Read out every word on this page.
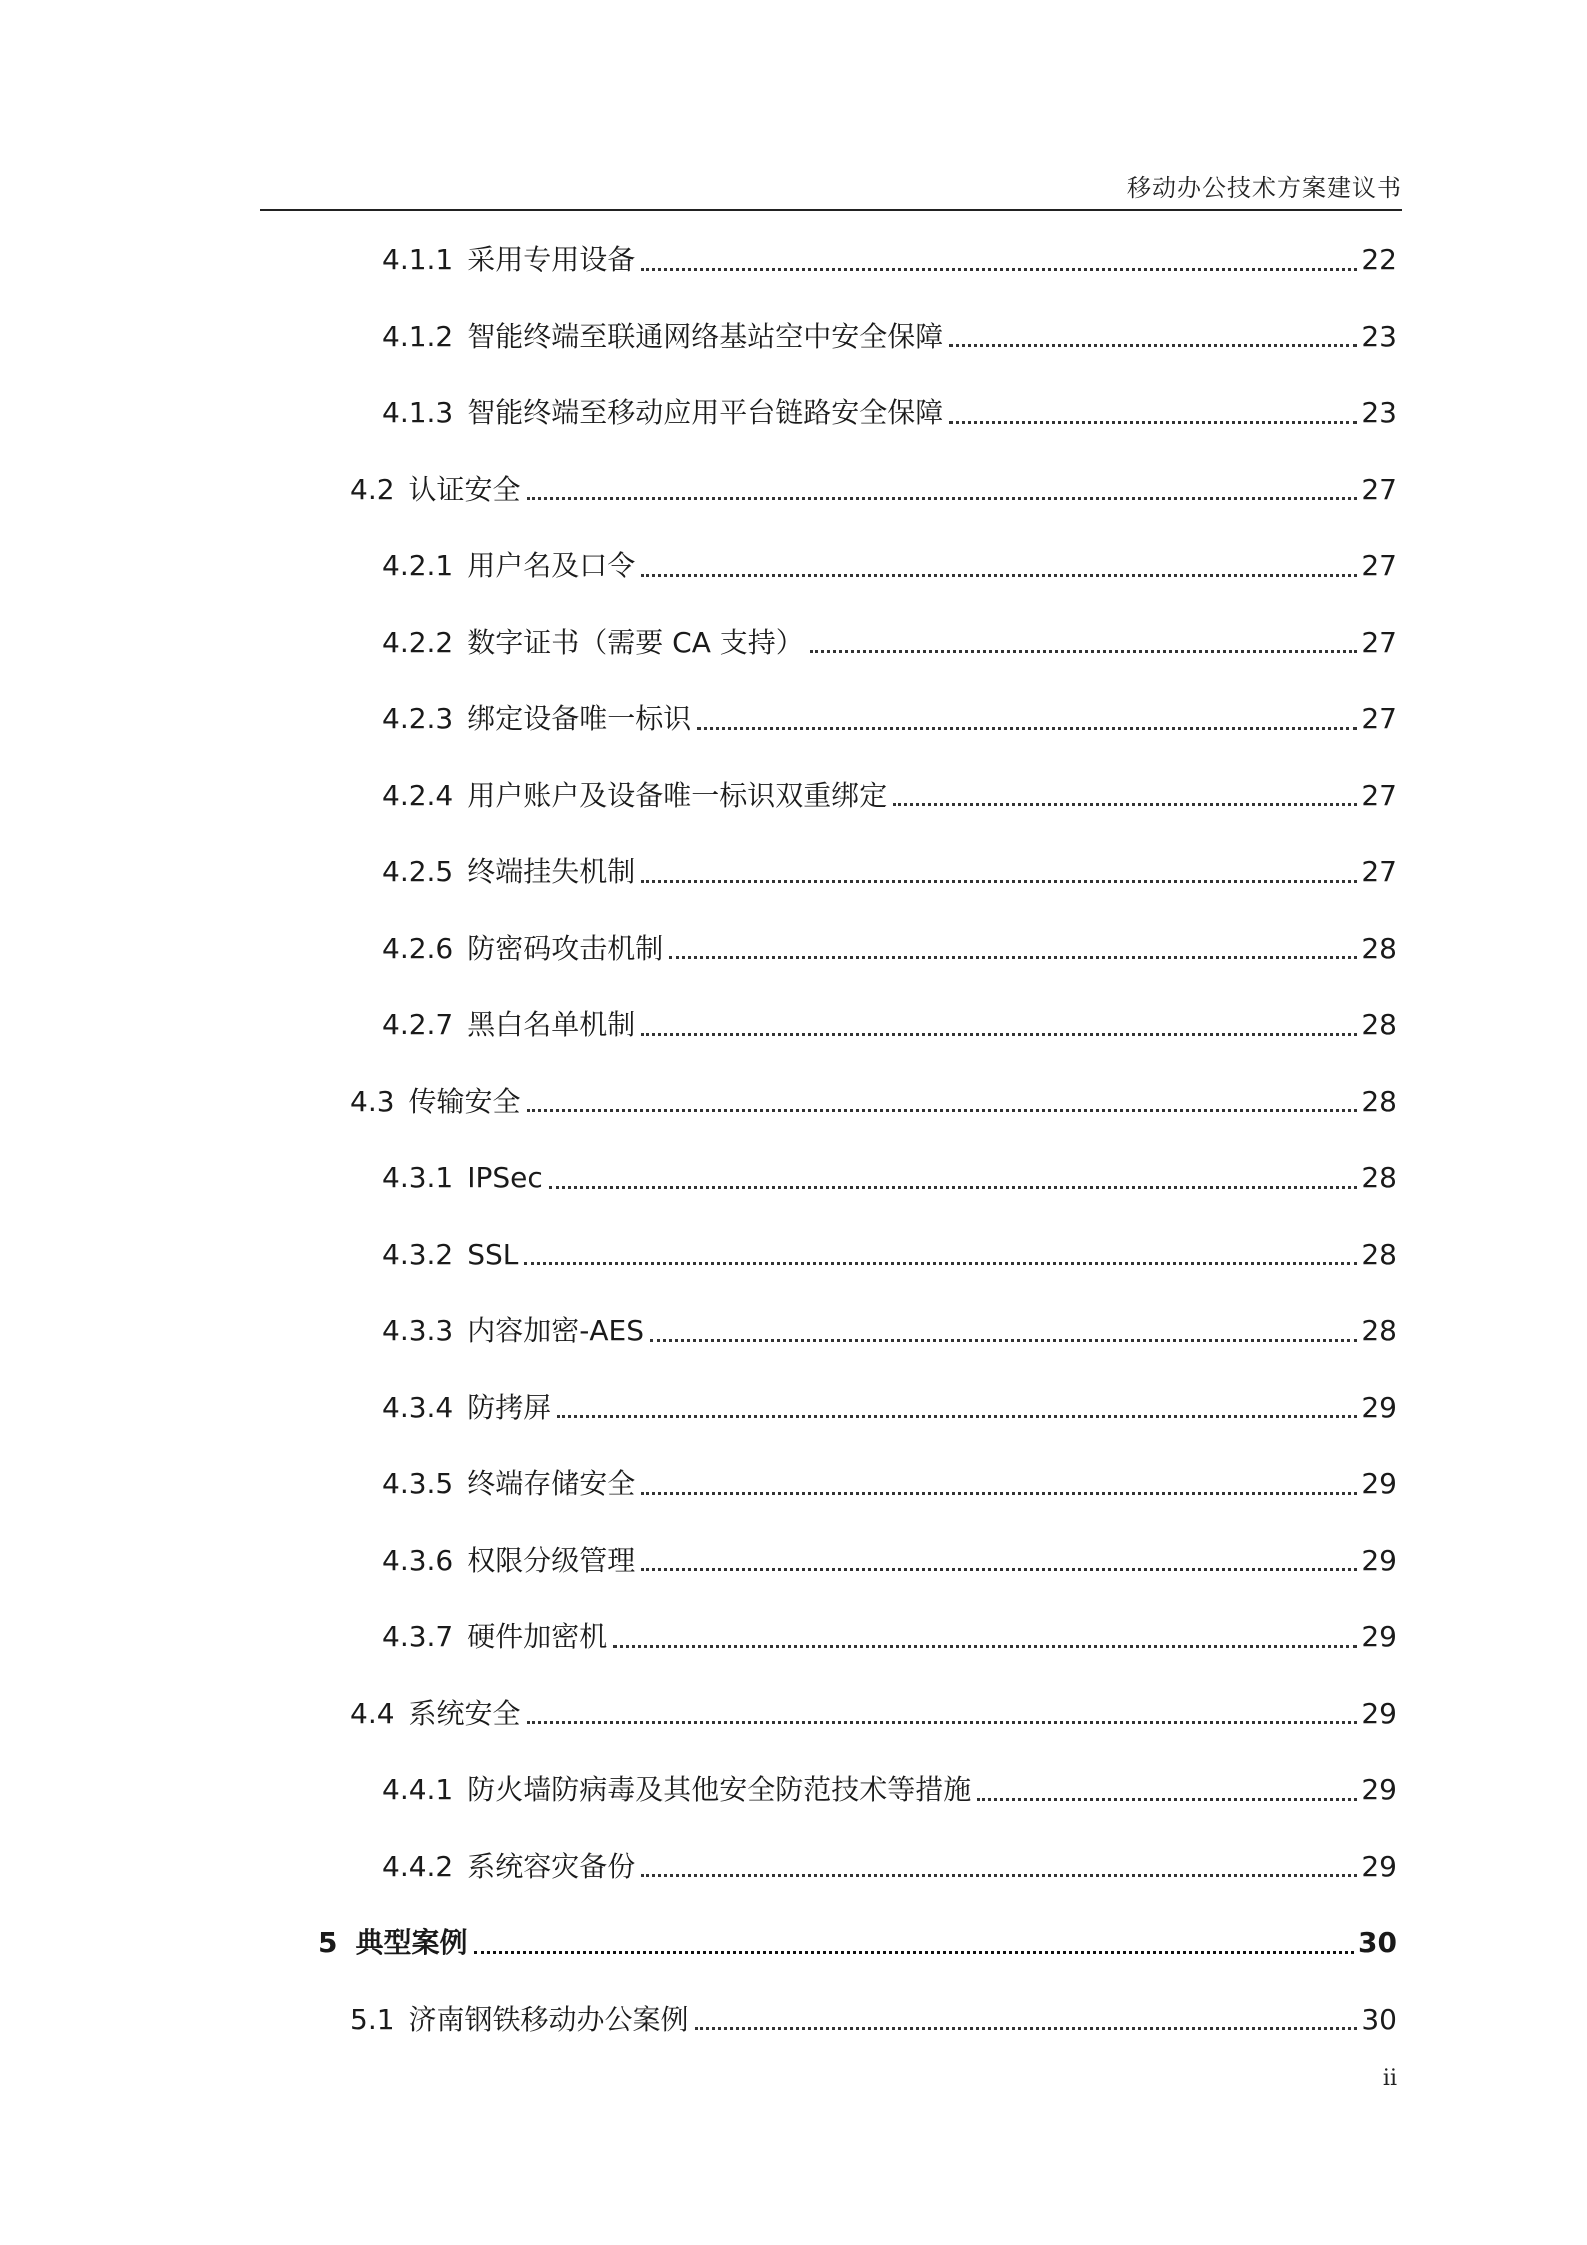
移动办公技术方案建议书
4.1.1 采用专用设备	22
4.1.2 智能终端至联通网络基站空中安全保障	23
4.1.3 智能终端至移动应用平台链路安全保障	23
4.2 认证安全	27
4.2.1 用户名及口令	27
4.2.2 数字证书（需要 CA 支持）	27
4.2.3 绑定设备唯一标识	27
4.2.4 用户账户及设备唯一标识双重绑定	27
4.2.5 终端挂失机制	27
4.2.6 防密码攻击机制	28
4.2.7 黑白名单机制	28
4.3 传输安全	28
4.3.1 IPSec	28
4.3.2 SSL	28
4.3.3 内容加密-AES	28
4.3.4 防拷屏	29
4.3.5 终端存储安全	29
4.3.6 权限分级管理	29
4.3.7 硬件加密机	29
4.4 系统安全	29
4.4.1 防火墙防病毒及其他安全防范技术等措施	29
4.4.2 系统容灾备份	29
5 典型案例	30
5.1 济南钢铁移动办公案例	30
ii
